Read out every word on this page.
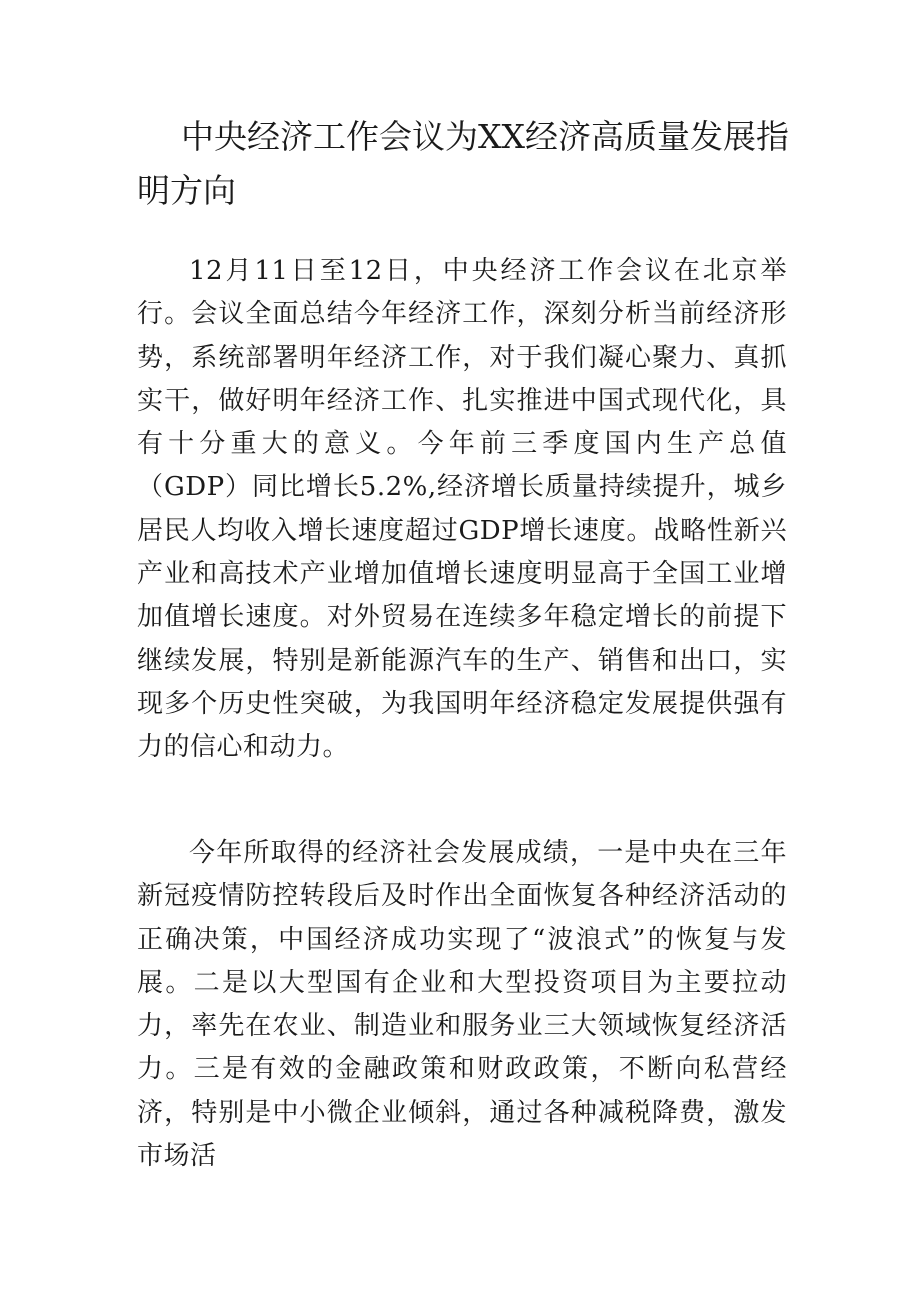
中央经济工作会议为XX经济高质量发展指明方向

12月11日至12日，中央经济工作会议在北京举行。会议全面总结今年经济工作，深刻分析当前经济形势，系统部署明年经济工作，对于我们凝心聚力、真抓实干，做好明年经济工作、扎实推进中国式现代化，具有十分重大的意义。今年前三季度国内生产总值（GDP）同比增长5.2%,经济增长质量持续提升，城乡居民人均收入增长速度超过GDP增长速度。战略性新兴产业和高技术产业增加值增长速度明显高于全国工业增加值增长速度。对外贸易在连续多年稳定增长的前提下继续发展，特别是新能源汽车的生产、销售和出口，实现多个历史性突破，为我国明年经济稳定发展提供强有力的信心和动力。

今年所取得的经济社会发展成绩，一是中央在三年新冠疫情防控转段后及时作出全面恢复各种经济活动的正确决策，中国经济成功实现了“波浪式”的恢复与发展。二是以大型国有企业和大型投资项目为主要拉动力，率先在农业、制造业和服务业三大领域恢复经济活力。三是有效的金融政策和财政政策，不断向私营经济，特别是中小微企业倾斜，通过各种减税降费，激发市场活
